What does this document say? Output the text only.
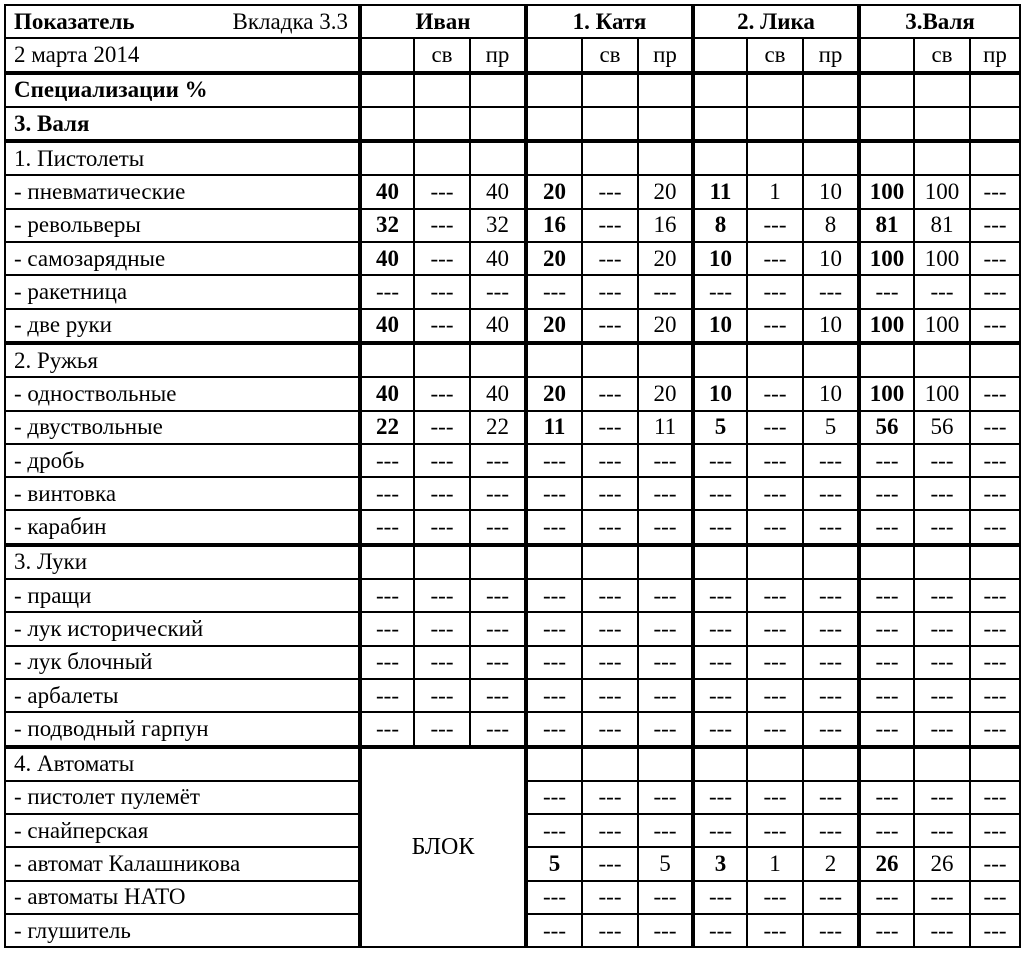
Показатель Вкладка 3.3	Иван			1. Катя			2. Лика			3.Валя		
2 марта 2014		св	пр		св	пр		св	пр		св	пр
Специализации %												
3. Валя												
1. Пистолеты												
- пневматические	40	---	40	20	---	20	11	1	10	100	100	---
- револьверы	32	---	32	16	---	16	8	---	8	81	81	---
- самозарядные	40	---	40	20	---	20	10	---	10	100	100	---
- ракетница	---	---	---	---	---	---	---	---	---	---	---	---
- две руки	40	---	40	20	---	20	10	---	10	100	100	---
2. Ружья												
- одноствольные	40	---	40	20	---	20	10	---	10	100	100	---
- двуствольные	22	---	22	11	---	11	5	---	5	56	56	---
- дробь	---	---	---	---	---	---	---	---	---	---	---	---
- винтовка	---	---	---	---	---	---	---	---	---	---	---	---
- карабин	---	---	---	---	---	---	---	---	---	---	---	---
3. Луки												
- пращи	---	---	---	---	---	---	---	---	---	---	---	---
- лук исторический	---	---	---	---	---	---	---	---	---	---	---	---
- лук блочный	---	---	---	---	---	---	---	---	---	---	---	---
- арбалеты	---	---	---	---	---	---	---	---	---	---	---	---
- подводный гарпун	---	---	---	---	---	---	---	---	---	---	---	---
4. Автоматы	БЛОК											
- пистолет пулемёт				---	---	---	---	---	---	---	---	---
- снайперская				---	---	---	---	---	---	---	---	---
- автомат Калашникова				5	---	5	3	1	2	26	26	---
- автоматы НАТО				---	---	---	---	---	---	---	---	---
- глушитель				---	---	---	---	---	---	---	---	---
